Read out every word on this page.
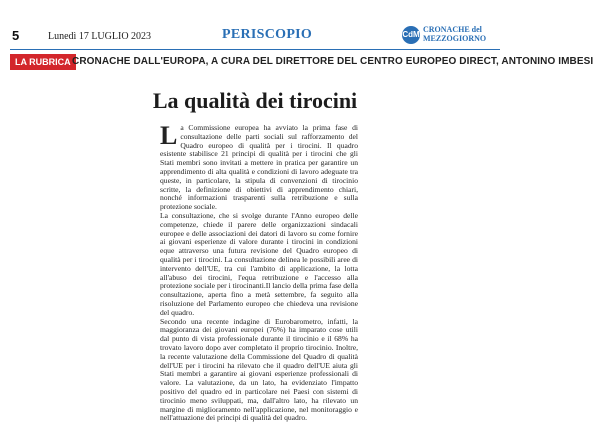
5	Lunedì 17 LUGLIO 2023	PERISCOPIO	CdM
CRONACHE del
MEZZOGIORNO
LA RUBRICA CRONACHE DALL'EUROPA, A CURA DEL DIRETTORE DEL CENTRO EUROPEO DIRECT, ANTONINO IMBESI
La qualità dei tirocini
L a Commissione europea ha avviato la prima fase di consultazione delle parti sociali sul rafforzamento del Quadro europeo di qualità per i tirocini. Il quadro esistente stabilisce 21 principi di qualità per i tirocini che gli Stati membri sono invitati a mettere in pratica per garantire un apprendimento di alta qualità e condizioni di lavoro adeguate tra queste, in particolare, la stipula di convenzioni di tirocinio scritte, la definizione di obiettivi di apprendimento chiari, nonché informazioni trasparenti sulla retribuzione e sulla protezione sociale.

La consultazione, che si svolge durante l'Anno europeo delle competenze, chiede il parere delle organizzazioni sindacali europee e delle associazioni dei datori di lavoro su come fornire ai giovani esperienze di valore durante i tirocini in condizioni eque attraverso una futura revisione del Quadro europeo di qualità per i tirocini. La consultazione delinea le possibili aree di intervento dell'UE, tra cui l'ambito di applicazione, la lotta all'abuso dei tirocini, l'equa retribuzione e l'accesso alla protezione sociale per i tirocinanti.Il lancio della prima fase della consultazione, aperta fino a metà settembre, fa seguito alla risoluzione del Parlamento europeo che chiedeva una revisione del quadro.

Secondo una recente indagine di Eurobarometro, infatti, la maggioranza dei giovani europei (76%) ha imparato cose utili dal punto di vista professionale durante il tirocinio e il 68% ha trovato lavoro dopo aver completato il proprio tirocinio. Inoltre, la recente valutazione della Commissione del Quadro di qualità dell'UE per i tirocini ha rilevato che il quadro dell'UE aiuta gli Stati membri a garantire ai giovani esperienze professionali di valore. La valutazione, da un lato, ha evidenziato l'impatto positivo del quadro ed in particolare nei Paesi con sistemi di tirocinio meno sviluppati, ma, dall'altro lato, ha rilevato un margine di miglioramento nell'applicazione, nel monitoraggio e nell'attuazione dei principi di qualità del quadro.
